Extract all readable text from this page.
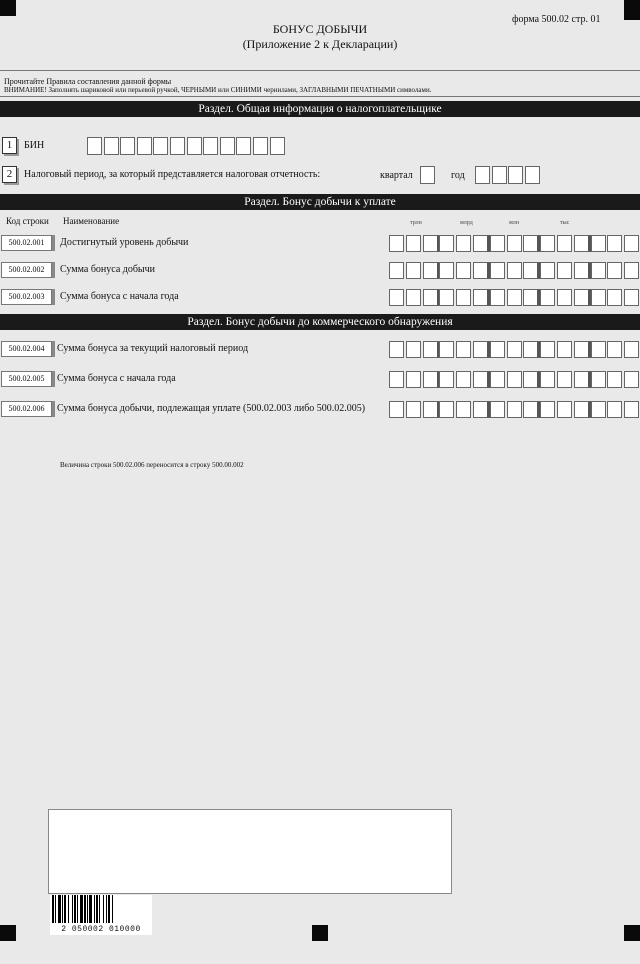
БОНУС ДОБЫЧИ
(Приложение 2 к Декларации)
форма 500.02 стр. 01
Прочитайте Правила составления данной формы
ВНИМАНИЕ! Заполнять шариковой или перьевой ручкой, ЧЕРНЫМИ или СИНИМИ чернилами, ЗАГЛАВНЫМИ ПЕЧАТНЫМИ символами.
Раздел. Общая информация о налогоплательщике
1	БИН
2	Налоговый период, за который представляется налоговая отчетность:	квартал	год
Раздел. Бонус добычи к уплате
Код строки Наименование	трлн	млрд	млн	тыс
500.02.001	Достигнутый уровень добычи
500.02.002	Сумма бонуса добычи
500.02.003	Сумма бонуса с начала года
Раздел. Бонус добычи до коммерческого обнаружения
500.02.004	Сумма бонуса за текущий налоговый период
500.02.005	Сумма бонуса с начала года
500.02.006	Сумма бонуса добычи, подлежащая уплате (500.02.003 либо 500.02.005)
Величина строки 500.02.006 переносится в строку 500.00.002
2 050002 010000
